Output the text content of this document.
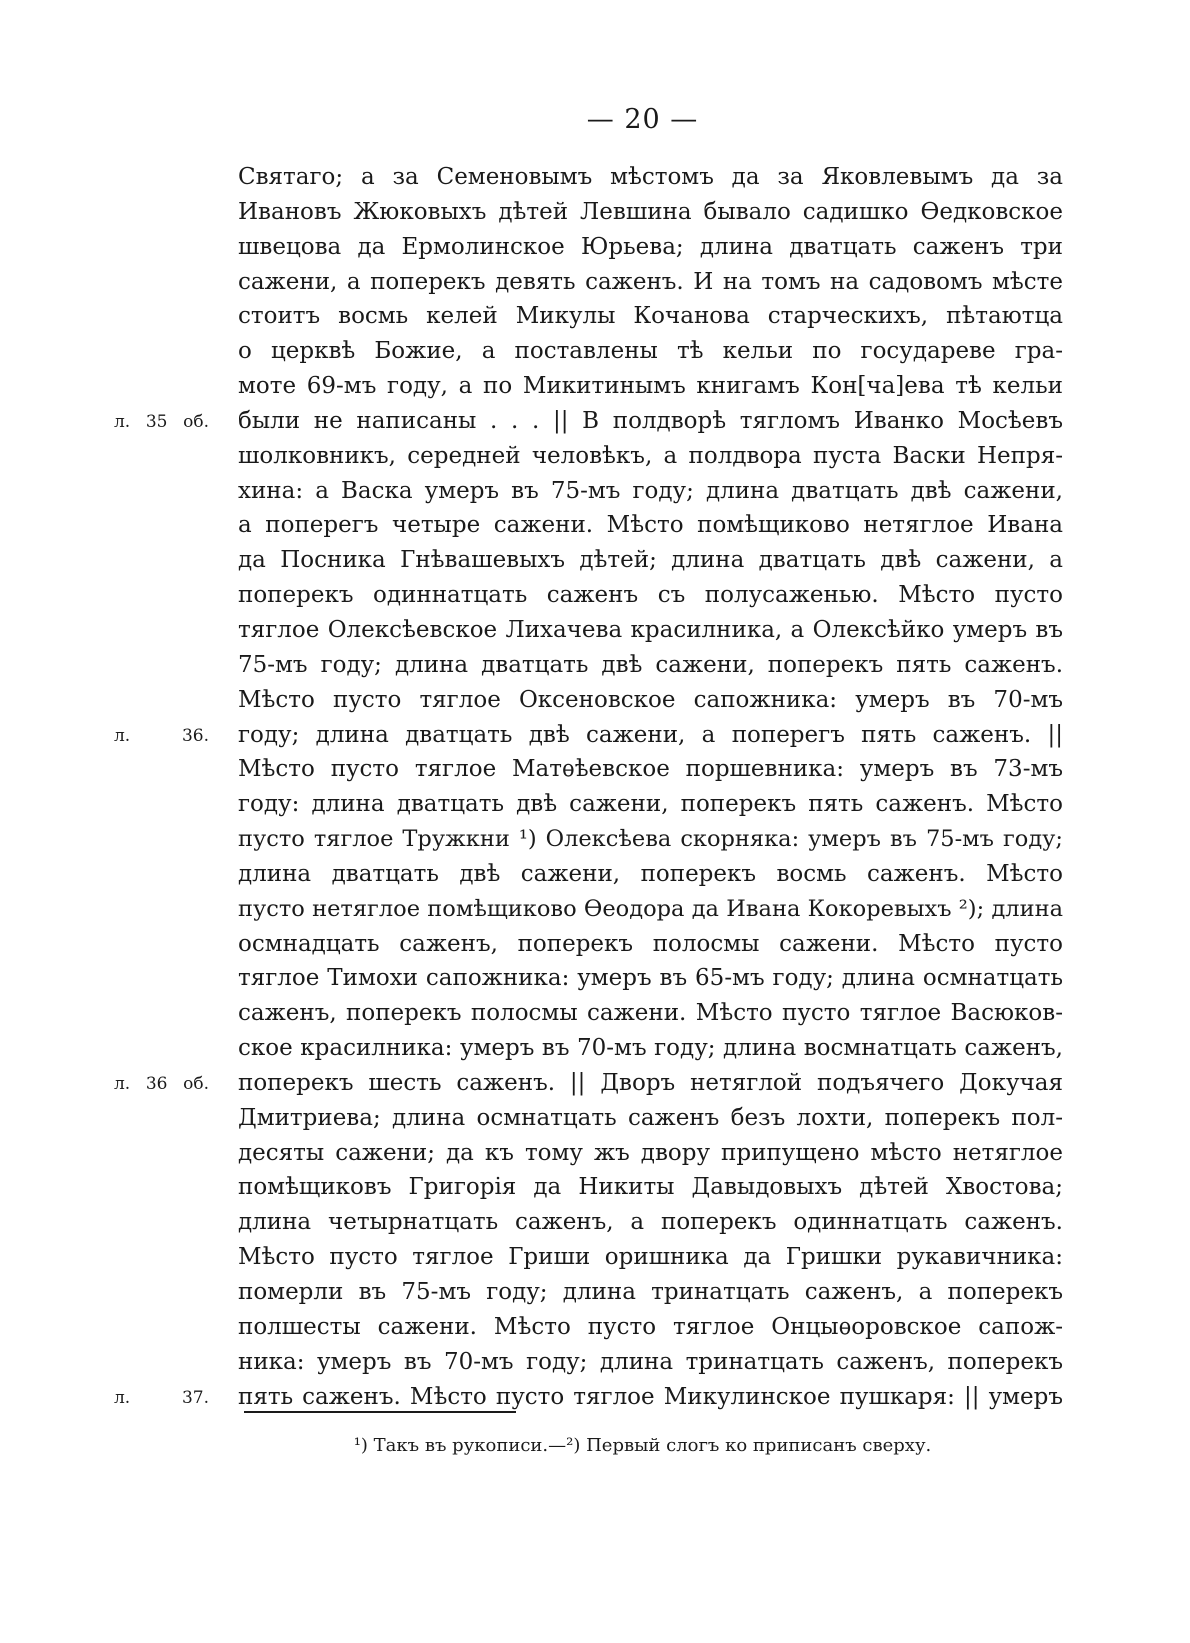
— 20 —
Святаго; а за Семеновымъ мѣстомъ да за Яковлевымъ да за
Ивановъ Жюковыхъ дѣтей Левшина бывало садишко Ѳедковское
швецова да Ермолинское Юрьева; длина дватцать саженъ три
сажени, а поперекъ девять саженъ. И на томъ на садовомъ мѣсте
стоитъ восмь келей Микулы Кочанова старческихъ, пѣтаютца
о церквѣ Божие, а поставлены тѣ кельи по государеве гра-
моте 69-мъ году, а по Микитинымъ книгамъ Кон[ча]ева тѣ кельи
были не написаны . . . || В полдворѣ тягломъ Иванко Мосѣевъ
л. 35 об.
шолковникъ, середней человѣкъ, а полдвора пуста Васки Непря-
хина: а Васка умеръ въ 75-мъ году; длина дватцать двѣ сажени,
а поперегъ четыре сажени. Мѣсто помѣщиково нетяглое Ивана
да Посника Гнѣвашевыхъ дѣтей; длина дватцать двѣ сажени, а
поперекъ одиннатцать саженъ съ полусаженью. Мѣсто пусто
тяглое Олексѣевское Лихачева красилника, а Олексѣйко умеръ въ
75-мъ году; длина дватцать двѣ сажени, поперекъ пять саженъ.
Мѣсто пусто тяглое Оксеновское сапожника: умеръ въ 70-мъ
году; длина дватцать двѣ сажени, а поперегъ пять саженъ. ||
л. 36.
Мѣсто пусто тяглое Матѳѣевское поршевника: умеръ въ 73-мъ
году: длина дватцать двѣ сажени, поперекъ пять саженъ. Мѣсто
пусто тяглое Тружкни ¹) Олексѣева скорняка: умеръ въ 75-мъ году;
длина дватцать двѣ сажени, поперекъ восмь саженъ. Мѣсто
пусто нетяглое помѣщиково Ѳеодора да Ивана Кокоревыхъ ²); длина
осмнадцать саженъ, поперекъ полосмы сажени. Мѣсто пусто
тяглое Тимохи сапожника: умеръ въ 65-мъ году; длина осмнатцать
саженъ, поперекъ полосмы сажени. Мѣсто пусто тяглое Васюков-
ское красилника: умеръ въ 70-мъ году; длина восмнатцать саженъ,
поперекъ шесть саженъ. || Дворъ нетяглой подъячего Докучая
л. 36 об.
Дмитриева; длина осмнатцать саженъ безъ лохти, поперекъ пол-
десяты сажени; да къ тому жъ двору припущено мѣсто нетяглое
помѣщиковъ Григорія да Никиты Давыдовыхъ дѣтей Хвостова;
длина четырнатцать саженъ, а поперекъ одиннатцать саженъ.
Мѣсто пусто тяглое Гриши оришника да Гришки рукавичника:
померли въ 75-мъ году; длина тринатцать саженъ, а поперекъ
полшесты сажени. Мѣсто пусто тяглое Онцыѳоровское сапож-
ника: умеръ въ 70-мъ году; длина тринатцать саженъ, поперекъ
пять саженъ. Мѣсто пусто тяглое Микулинское пушкаря: || умеръ
л. 37.
¹) Такъ въ рукописи.—²) Первый слогъ ко приписанъ сверху.
